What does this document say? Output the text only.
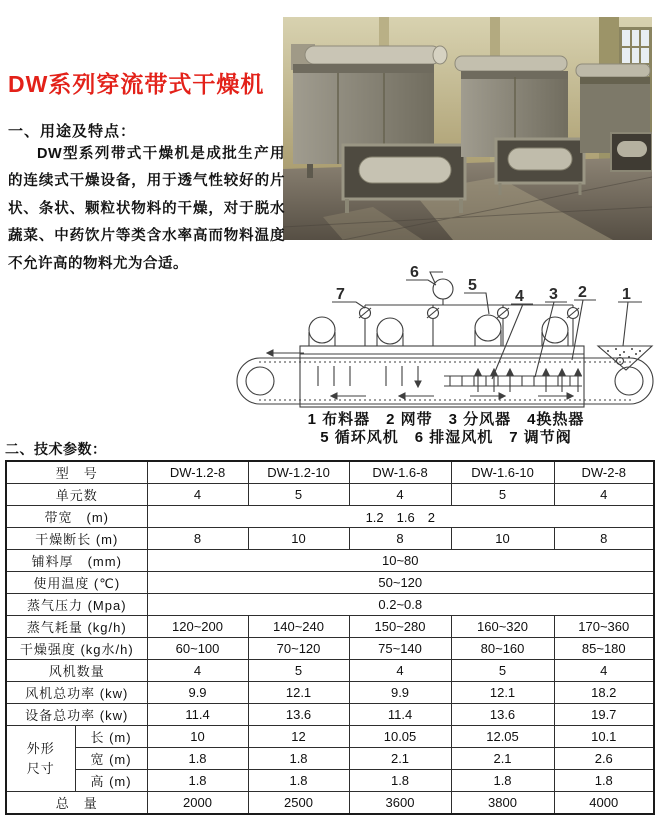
DW系列穿流带式干燥机
一、用途及特点：
DW型系列带式干燥机是成批生产用的连续式干燥设备，用于透气性较好的片状、条状、颗粒状物料的干燥，对于脱水蔬菜、中药饮片等类含水率高而物料温度不允许高的物料尤为合适。
7
6
5
4 3 2 1
1 布料器　2 网带　3 分风器　4换热器
5 循环风机　6 排湿风机　7 调节阀
二、技术参数：
型　号		DW-1.2-8	DW-1.2-10	DW-1.6-8	DW-1.6-10	DW-2-8
单元数		4	5	4	5	4
带宽　(m)		1.2　1.6　2				
干燥断长 (m)		8	10	8	10	8
铺料厚　(mm)		10~80				
使用温度 (℃)		50~120				
蒸气压力 (Mpa)		0.2~0.8				
蒸气耗量 (kg/h)		120~200	140~240	150~280	160~320	170~360
干燥强度 (kg水/h)		60~100	70~120	75~140	80~160	85~180
风机数量		4	5	4	5	4
风机总功率 (kw)		9.9	12.1	9.9	12.1	18.2
设备总功率 (kw)		11.4	13.6	11.4	13.6	19.7

外形
尺寸	长 (m)	10	12	10.05	12.05	10.1
	宽 (m)	1.8	1.8	2.1	2.1	2.6
	高 (m)	1.8	1.8	1.8	1.8	1.8
总　量		2000	2500	3600	3800	4000
